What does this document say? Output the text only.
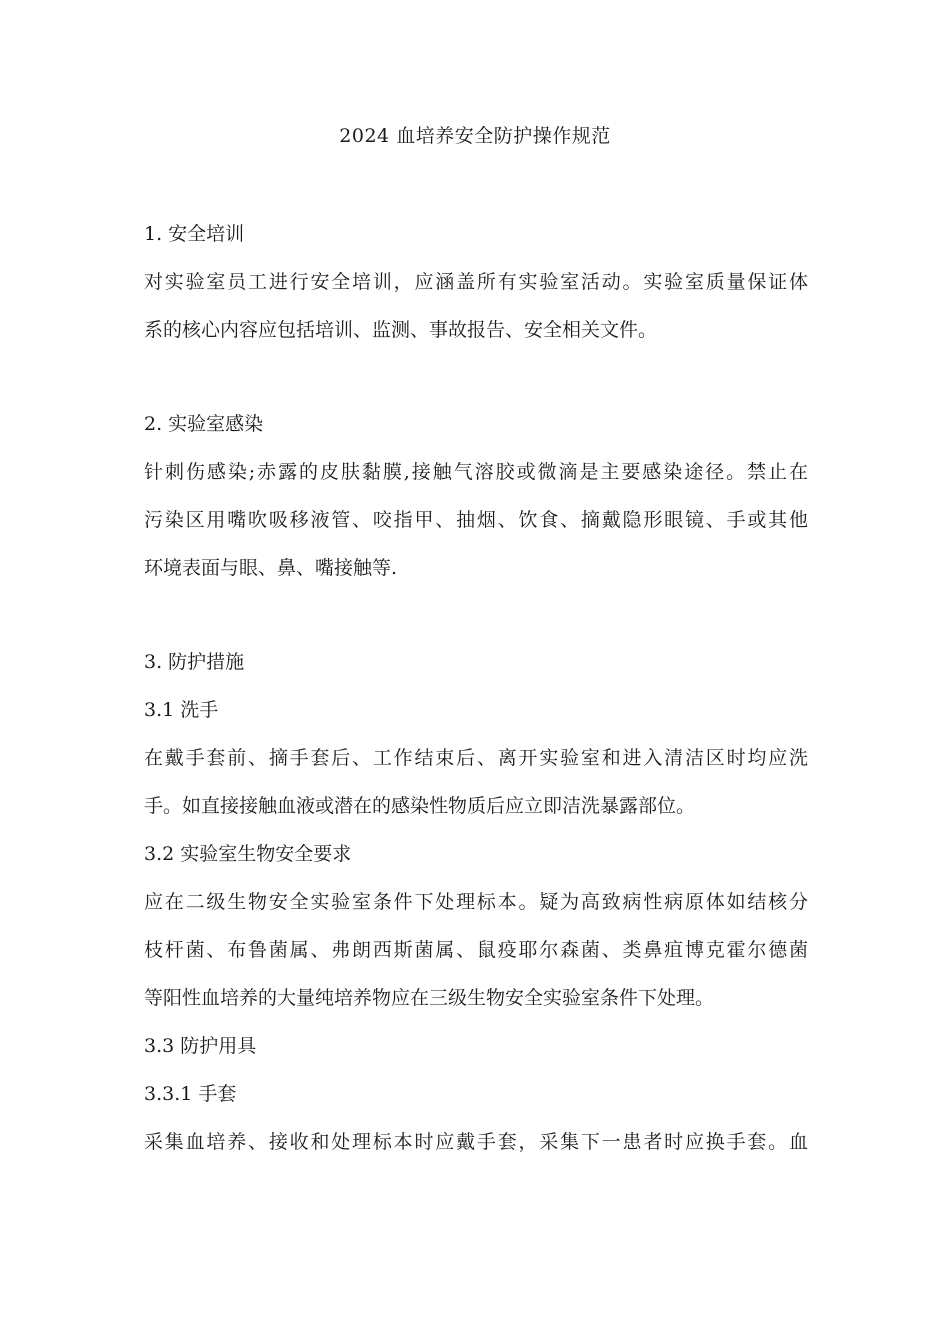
2024 血培养安全防护操作规范
1. 安全培训
对实验室员工进行安全培训，应涵盖所有实验室活动。实验室质量保证体
系的核心内容应包括培训、监测、事故报告、安全相关文件。
2. 实验室感染
针刺伤感染;赤露的皮肤黏膜,接触气溶胶或微滴是主要感染途径。禁止在
污染区用嘴吹吸移液管、咬指甲、抽烟、饮食、摘戴隐形眼镜、手或其他
环境表面与眼、鼻、嘴接触等.
3. 防护措施
3.1 洗手
在戴手套前、摘手套后、工作结束后、离开实验室和进入清洁区时均应洗
手。如直接接触血液或潜在的感染性物质后应立即洁洗暴露部位。
3.2 实验室生物安全要求
应在二级生物安全实验室条件下处理标本。疑为高致病性病原体如结核分
枝杆菌、布鲁菌属、弗朗西斯菌属、鼠疫耶尔森菌、类鼻疽博克霍尔德菌
等阳性血培养的大量纯培养物应在三级生物安全实验室条件下处理。
3.3 防护用具
3.3.1 手套
采集血培养、接收和处理标本时应戴手套，采集下一患者时应换手套。血
